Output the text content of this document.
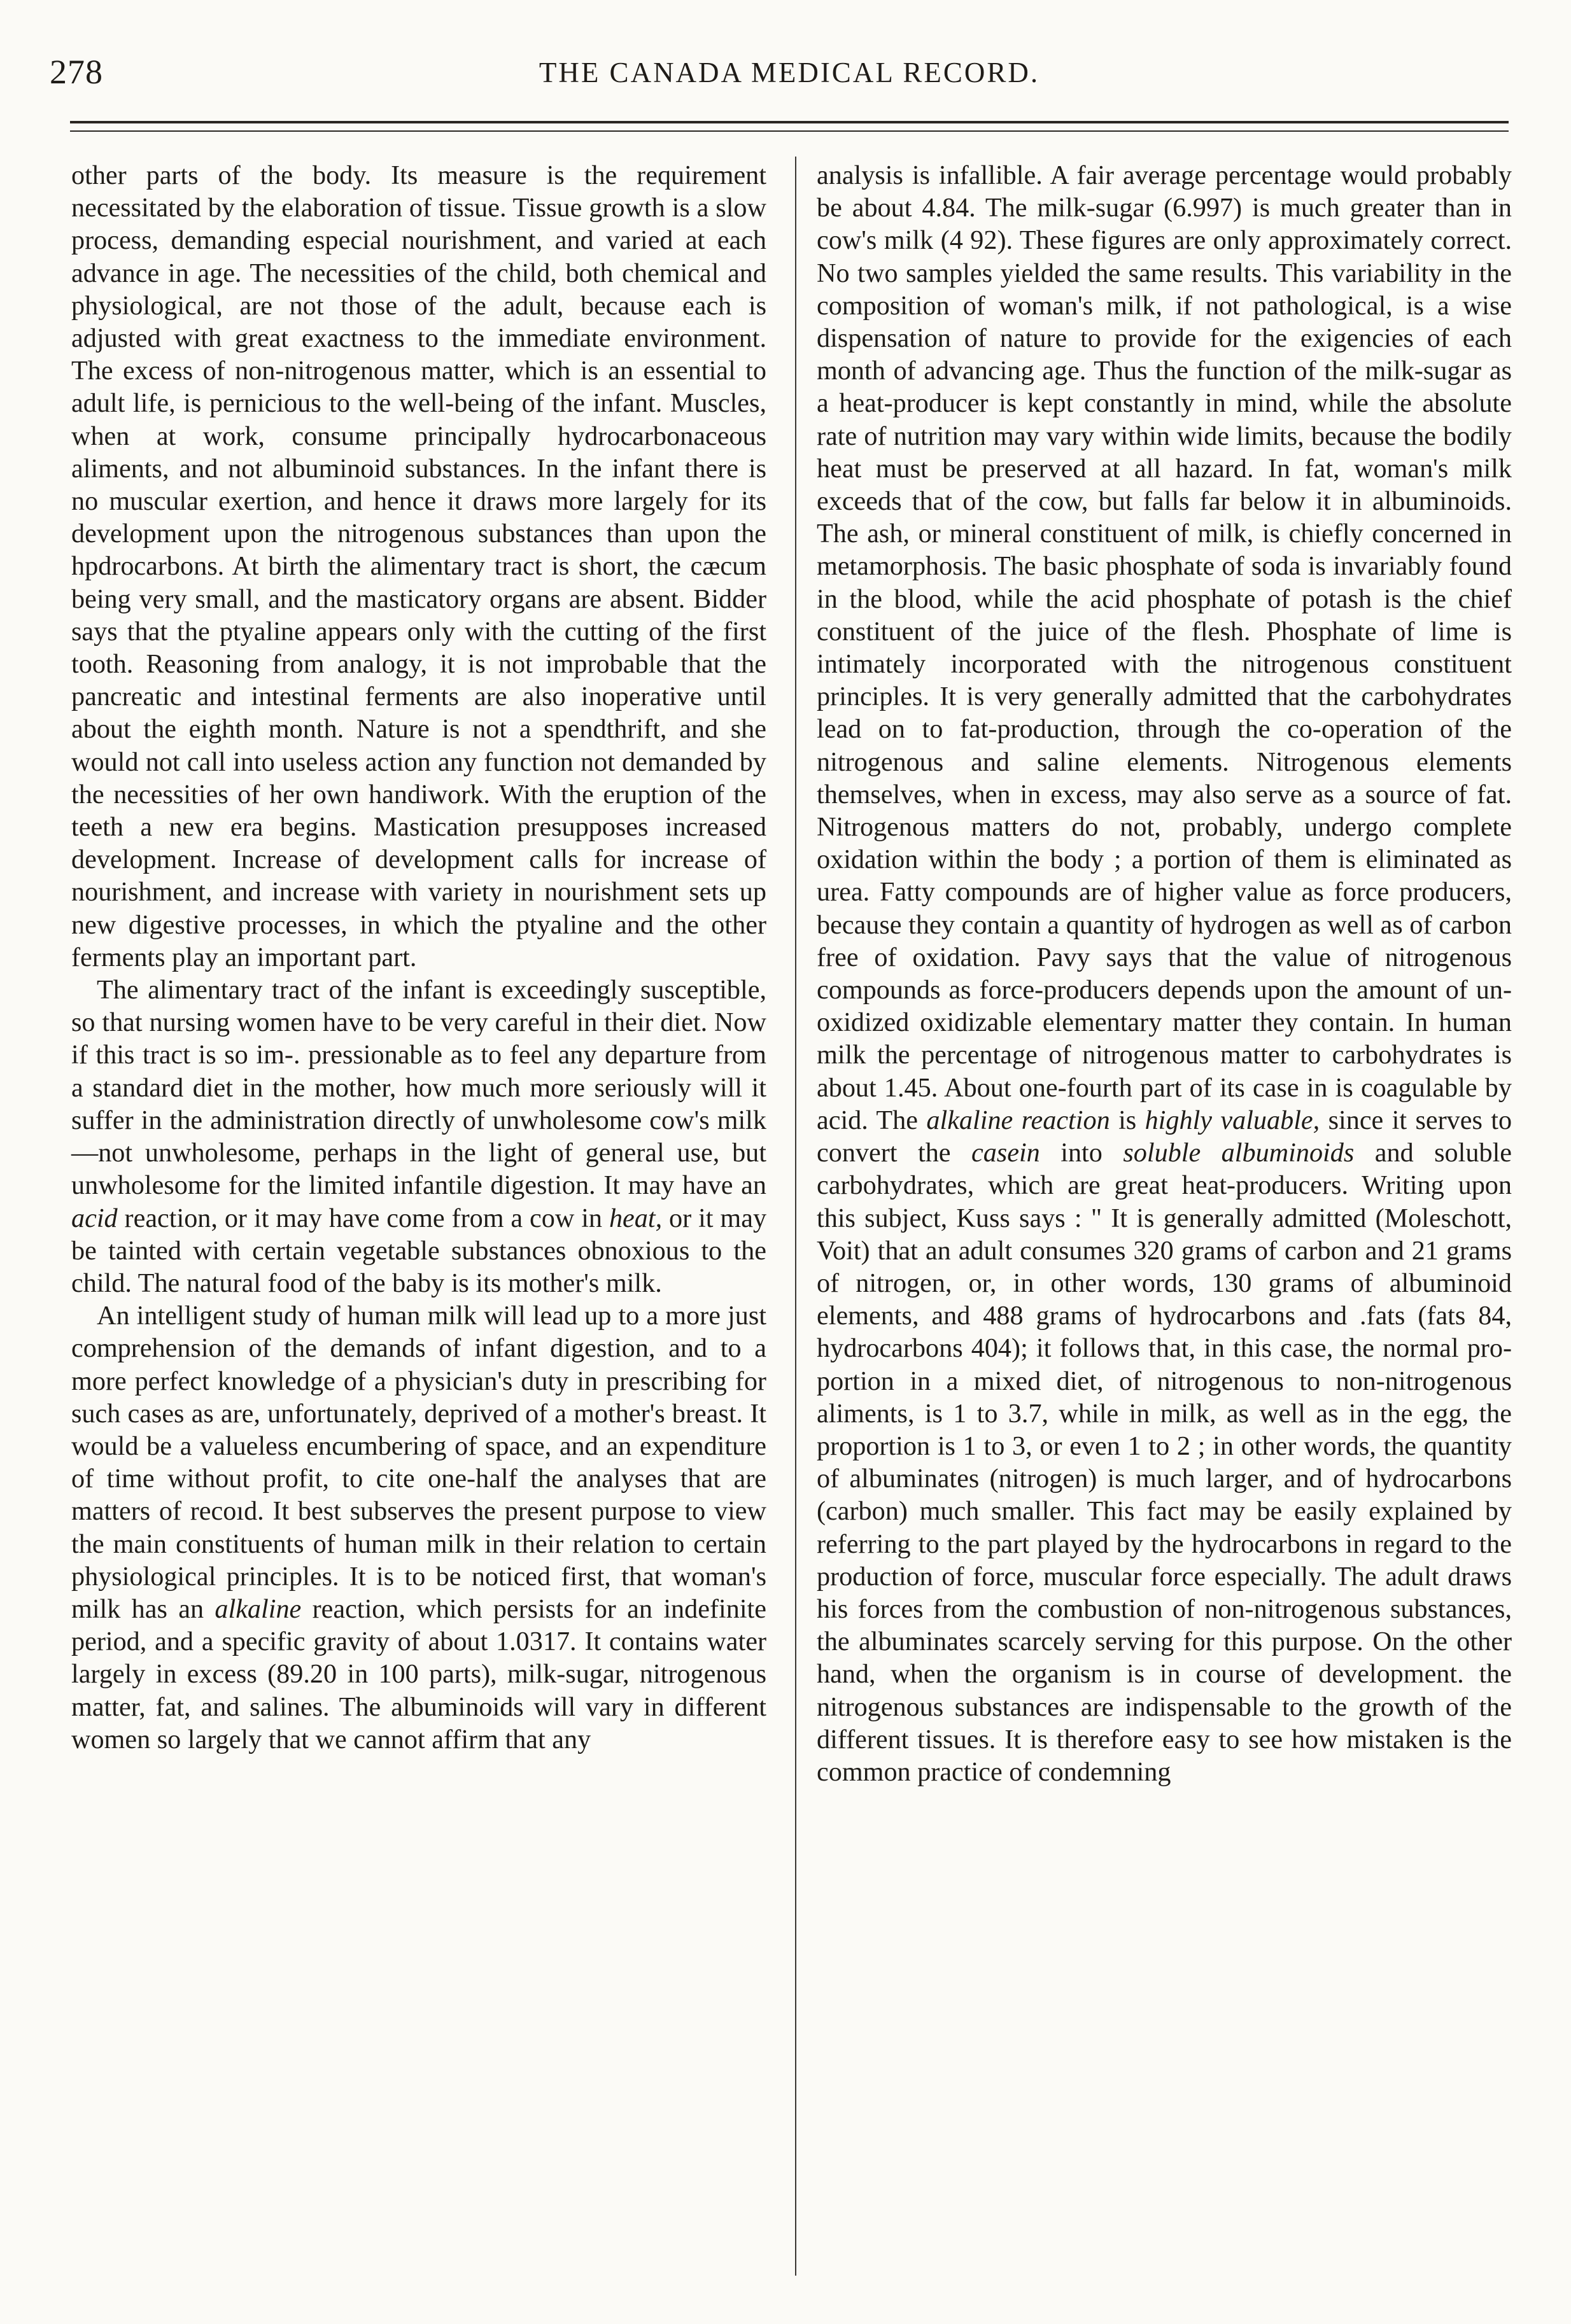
278	THE CANADA MEDICAL RECORD.

other parts of the body. Its measure is the requirement necessitated by the elaboration of tissue. Tissue growth is a slow process, demanding especial nourishment, and varied at each advance in age. The necessities of the child, both chemical and physiological, are not those of the adult, because each is adjusted with great exactness to the immediate environment. The excess of non-nitrogenous matter, which is an essential to adult life, is pernicious to the well-being of the infant. Muscles, when at work, consume principally hydrocarbonaceous aliments, and not albuminoid substances. In the infant there is no muscular exertion, and hence it draws more largely for its development upon the nitrogenous substances than upon the hpdrocarbons. At birth the alimentary tract is short, the cæcum being very small, and the masticatory organs are absent. Bidder says that the ptyaline appears only with the cutting of the first tooth. Reasoning from analogy, it is not improbable that the pancreatic and intestinal ferments are also inoperative until about the eighth month. Nature is not a spendthrift, and she would not call into useless action any function not demanded by the necessities of her own handiwork. With the eruption of the teeth a new era begins. Mastication presupposes increased development. Increase of development calls for increase of nourishment, and increase with variety in nourishment sets up new digestive processes, in which the ptyaline and the other ferments play an important part.

The alimentary tract of the infant is exceedingly susceptible, so that nursing women have to be very careful in their diet. Now if this tract is so im-. pressionable as to feel any departure from a standard diet in the mother, how much more seriously will it suffer in the administration directly of unwholesome cow's milk—not unwholesome, perhaps in the light of general use, but unwholesome for the limited infantile digestion. It may have an acid reaction, or it may have come from a cow in heat, or it may be tainted with certain vegetable substances obnoxious to the child. The natural food of the baby is its mother's milk.

An intelligent study of human milk will lead up to a more just comprehension of the demands of infant digestion, and to a more perfect knowledge of a physician's duty in prescribing for such cases as are, unfortunately, deprived of a mother's breast. It would be a valueless encumbering of space, and an expenditure of time without profit, to cite one-half the analyses that are matters of recoıd. It best subserves the present purpose to view the main constituents of human milk in their relation to certain physiological principles. It is to be noticed first, that woman's milk has an alkaline reaction, which persists for an indefinite period, and a specific gravity of about 1.0317. It contains water largely in excess (89.20 in 100 parts), milk-sugar, nitrogenous matter, fat, and salines. The albuminoids will vary in different women so largely that we cannot affirm that any

analysis is infallible. A fair average percentage would probably be about 4.84. The milk-sugar (6.997) is much greater than in cow's milk (4 92). These figures are only approximately correct. No two samples yielded the same results. This variability in the composition of woman's milk, if not pathological, is a wise dispensation of nature to provide for the exigencies of each month of advancing age. Thus the function of the milk-sugar as a heat-producer is kept constantly in mind, while the absolute rate of nutrition may vary within wide limits, because the bodily heat must be preserved at all hazard. In fat, woman's milk exceeds that of the cow, but falls far below it in albuminoids. The ash, or mineral constituent of milk, is chiefly concerned in metamorphosis. The basic phosphate of soda is invariably found in the blood, while the acid phosphate of potash is the chief constituent of the juice of the flesh. Phosphate of lime is intimately incorporated with the nitrogenous constituent principles. It is very generally admitted that the carbohydrates lead on to fat-production, through the co-operation of the nitrogenous and saline elements. Nitrogenous elements themselves, when in excess, may also serve as a source of fat. Nitrogenous matters do not, probably, undergo complete oxidation within the body ; a portion of them is eliminated as urea. Fatty compounds are of higher value as force producers, because they contain a quantity of hydrogen as well as of carbon free of oxidation. Pavy says that the value of nitrogenous compounds as force-producers depends upon the amount of unoxidized oxidizable elementary matter they contain. In human milk the percentage of nitrogenous matter to carbohydrates is about 1.45. About one-fourth part of its case in is coagulable by acid. The alkaline reaction is highly valuable, since it serves to convert the casein into soluble albuminoids and soluble carbohydrates, which are great heat-producers. Writing upon this subject, Kuss says : " It is generally admitted (Moleschott, Voit) that an adult consumes 320 grams of carbon and 21 grams of nitrogen, or, in other words, 130 grams of albuminoid elements, and 488 grams of hydrocarbons and .fats (fats 84, hydrocarbons 404); it follows that, in this case, the normal proportion in a mixed diet, of nitrogenous to non-nitrogenous aliments, is 1 to 3.7, while in milk, as well as in the egg, the proportion is 1 to 3, or even 1 to 2 ; in other words, the quantity of albuminates (nitrogen) is much larger, and of hydrocarbons (carbon) much smaller. This fact may be easily explained by referring to the part played by the hydrocarbons in regard to the production of force, muscular force especially. The adult draws his forces from the combustion of non-nitrogenous substances, the albuminates scarcely serving for this purpose. On the other hand, when the organism is in course of development. the nitrogenous substances are indispensable to the growth of the different tissues. It is therefore easy to see how mistaken is the common practice of condemning
